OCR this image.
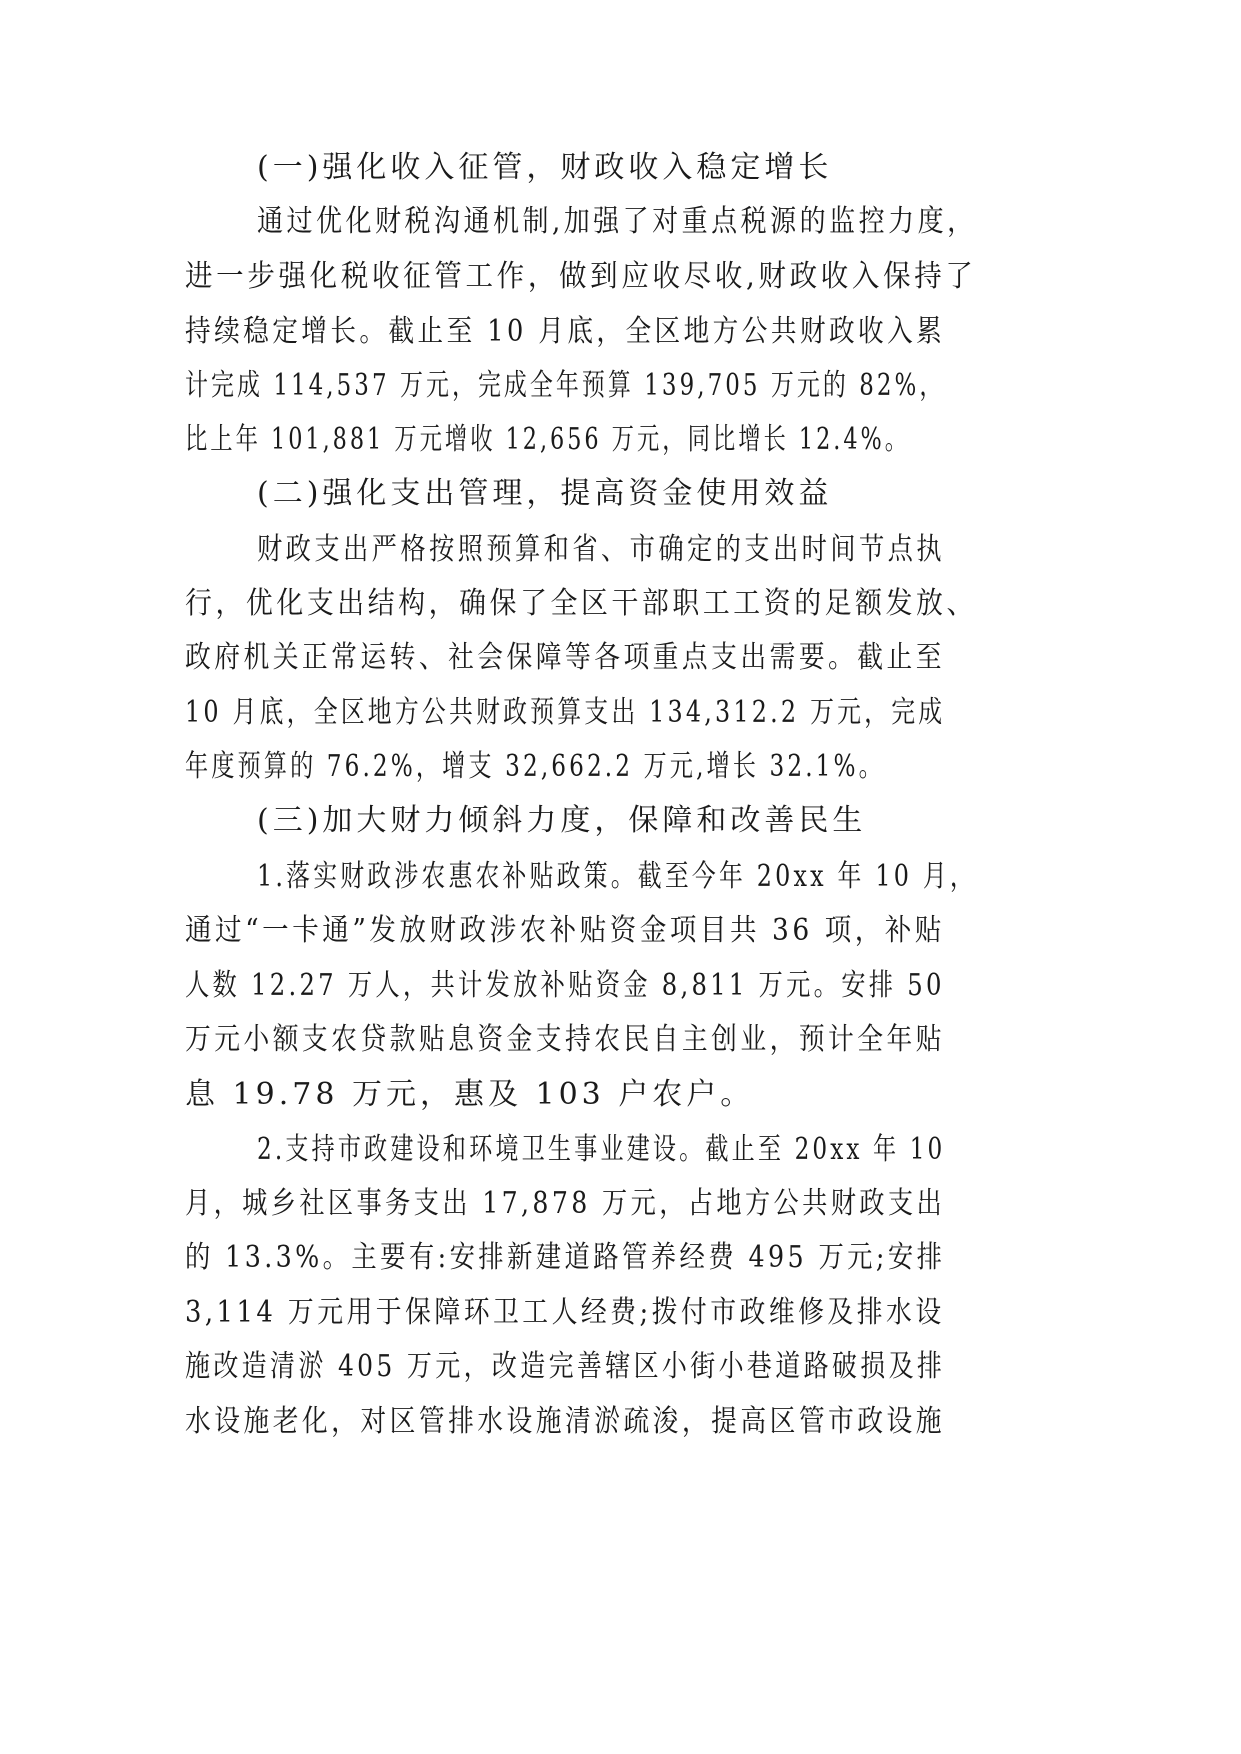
(一)强化收入征管，财政收入稳定增长
通过优化财税沟通机制,加强了对重点税源的监控力度，
进一步强化税收征管工作，做到应收尽收,财政收入保持了
持续稳定增长。截止至 10 月底，全区地方公共财政收入累
计完成 114,537 万元，完成全年预算 139,705 万元的 82%，
比上年 101,881 万元增收 12,656 万元，同比增长 12.4%。
(二)强化支出管理，提高资金使用效益
财政支出严格按照预算和省、市确定的支出时间节点执
行，优化支出结构，确保了全区干部职工工资的足额发放、
政府机关正常运转、社会保障等各项重点支出需要。截止至
10 月底，全区地方公共财政预算支出 134,312.2 万元，完成
年度预算的 76.2%，增支 32,662.2 万元,增长 32.1%。
(三)加大财力倾斜力度，保障和改善民生
1.落实财政涉农惠农补贴政策。截至今年 20xx 年 10 月，
通过“一卡通”发放财政涉农补贴资金项目共 36 项，补贴
人数 12.27 万人，共计发放补贴资金 8,811 万元。安排 50
万元小额支农贷款贴息资金支持农民自主创业，预计全年贴
息 19.78 万元，惠及 103 户农户。
2.支持市政建设和环境卫生事业建设。截止至 20xx 年 10
月，城乡社区事务支出 17,878 万元，占地方公共财政支出
的 13.3%。主要有:安排新建道路管养经费 495 万元;安排
3,114 万元用于保障环卫工人经费;拨付市政维修及排水设
施改造清淤 405 万元，改造完善辖区小街小巷道路破损及排
水设施老化，对区管排水设施清淤疏浚，提高区管市政设施
